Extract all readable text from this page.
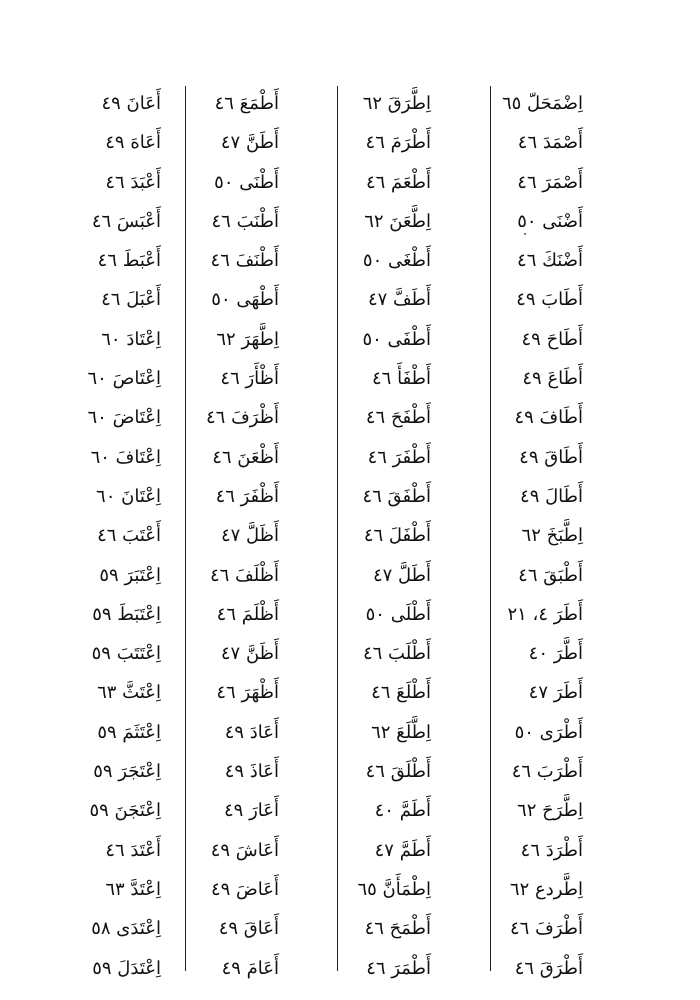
اِضْمَحَلّ ٦٥
أَصْمَدَ ٤٦
أَصْمَرَ ٤٦
أَضْنَى ٥٠
أَضْنَكَ ٤٦
أَطَابَ ٤٩
أَطَاحَ ٤٩
أَطَاعَ ٤٩
أَطَافَ ٤٩
أَطَاقَ ٤٩
أَطَالَ ٤٩
اِطَّبَخَ ٦٢
أَطْبَقَ ٤٦
أَطَرَ ٤، ٢١
أَطَّرَ ٤٠
أَطَرَ ٤٧
أَطْرَى ٥٠
أَطْرَبَ ٤٦
اِطَّرَحَ ٦٢
أَطْرَدَ ٤٦
اِطَّردع ٦٢
أَطْرَفَ ٤٦
أَطْرَقَ ٤٦
اِطَّرَقَ ٦٢
أَطْرَمَ ٤٦
أَطْعَمَ ٤٦
اِطَّعَنَ ٦٢
أَطْغَى ٥٠
أَطَفَّ ٤٧
أَطْفَى ٥٠
أَطْفَأَ ٤٦
أَطْفَحَ ٤٦
أَطْفَرَ ٤٦
أَطْفَقَ ٤٦
أَطْفَلَ ٤٦
أَطَلَّ ٤٧
أَطْلَى ٥٠
أَطْلَبَ ٤٦
أَطْلَعَ ٤٦
اِطَّلَعَ ٦٢
أَطْلَقَ ٤٦
أَطَمَّ ٤٠
أَطَمَّ ٤٧
اِطْمَأَنَّ ٦٥
أَطْمَحَ ٤٦
أَطْمَرَ ٤٦
أَطْمَعَ ٤٦
أَطَنَّ ٤٧
أَطْنَى ٥٠
أَطْنَبَ ٤٦
أَطْنَفَ ٤٦
أَطْهَى ٥٠
اِطَّهَرَ ٦٢
أَظْأَرَ ٤٦
أَظْرَفَ ٤٦
أَظْعَنَ ٤٦
أَظْفَرَ ٤٦
أَظَلَّ ٤٧
أَظْلَفَ ٤٦
أَظْلَمَ ٤٦
أَظَنَّ ٤٧
أَظْهَرَ ٤٦
أَعَادَ ٤٩
أَعَاذَ ٤٩
أَعَارَ ٤٩
أَعَاشَ ٤٩
أَعَاضَ ٤٩
أَعَاقَ ٤٩
أَعَامَ ٤٩
أَعَانَ ٤٩
أَعَاهَ ٤٩
أَعْبَدَ ٤٦
أَعْبَسَ ٤٦
أَعْبَطَ ٤٦
أَعْبَلَ ٤٦
اِعْتَادَ ٦٠
اِعْتَاصَ ٦٠
اِعْتَاضَ ٦٠
اِعْتَافَ ٦٠
اِعْتَانَ ٦٠
أَعْتَبَ ٤٦
اِعْتَبَرَ ٥٩
اِعْتَبَطَ ٥٩
اِعْتَتَبَ ٥٩
اِعْتَثَّ ٦٣
اِعْتَثَمَ ٥٩
اِعْتَجَرَ ٥٩
اِعْتَجَنَ ٥٩
أَعْتَدَ ٤٦
اِعْتَدَّ ٦٣
اِعْتَدَى ٥٨
اِعْتَدَلَ ٥٩
